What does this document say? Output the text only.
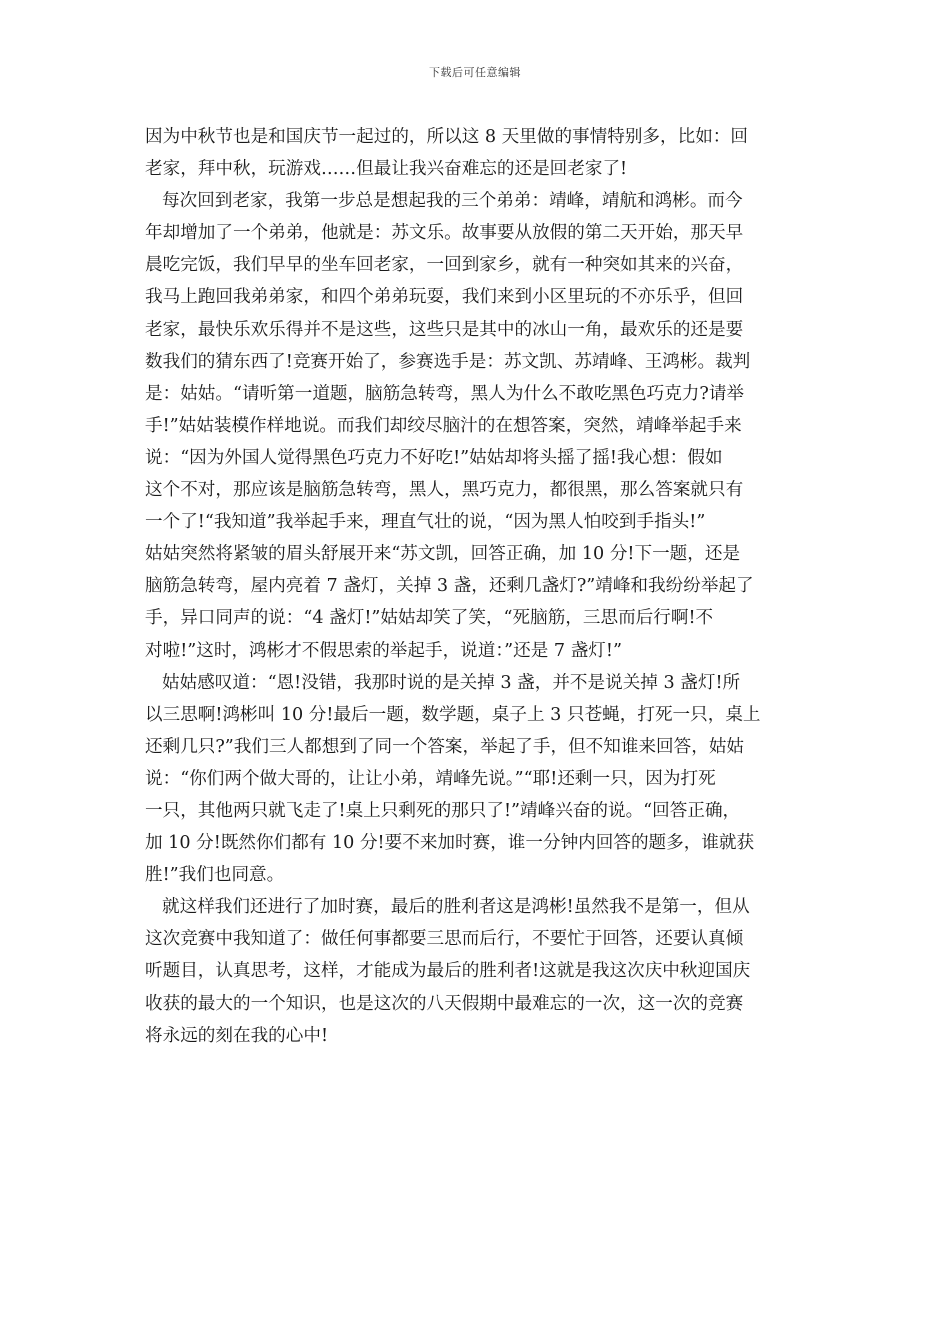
下载后可任意编辑

因为中秋节也是和国庆节一起过的，所以这 8 天里做的事情特别多，比如：回

老家，拜中秋，玩游戏……但最让我兴奋难忘的还是回老家了!

每次回到老家，我第一步总是想起我的三个弟弟：靖峰，靖航和鸿彬。而今

年却增加了一个弟弟，他就是：苏文乐。故事要从放假的第二天开始，那天早

晨吃完饭，我们早早的坐车回老家，一回到家乡，就有一种突如其来的兴奋，

我马上跑回我弟弟家，和四个弟弟玩耍，我们来到小区里玩的不亦乐乎，但回

老家，最快乐欢乐得并不是这些，这些只是其中的冰山一角，最欢乐的还是要

数我们的猜东西了!竞赛开始了，参赛选手是：苏文凯、苏靖峰、王鸿彬。裁判

是：姑姑。“请听第一道题，脑筋急转弯，黑人为什么不敢吃黑色巧克力?请举

手!”姑姑装模作样地说。而我们却绞尽脑汁的在想答案，突然，靖峰举起手来

说：“因为外国人觉得黑色巧克力不好吃!”姑姑却将头摇了摇!我心想：假如

这个不对，那应该是脑筋急转弯，黑人，黑巧克力，都很黑，那么答案就只有

一个了!“我知道”我举起手来，理直气壮的说，“因为黑人怕咬到手指头!”

姑姑突然将紧皱的眉头舒展开来“苏文凯，回答正确，加 10 分!下一题，还是

脑筋急转弯，屋内亮着 7 盏灯，关掉 3 盏，还剩几盏灯?”靖峰和我纷纷举起了

手，异口同声的说：“4 盏灯!”姑姑却笑了笑，“死脑筋，三思而后行啊!不

对啦!”这时，鸿彬才不假思索的举起手，说道：”还是 7 盏灯!”

姑姑感叹道：“恩!没错，我那时说的是关掉 3 盏，并不是说关掉 3 盏灯!所

以三思啊!鸿彬叫 10 分!最后一题，数学题，桌子上 3 只苍蝇，打死一只，桌上

还剩几只?”我们三人都想到了同一个答案，举起了手，但不知谁来回答，姑姑

说：“你们两个做大哥的，让让小弟，靖峰先说。”“耶!还剩一只，因为打死

一只，其他两只就飞走了!桌上只剩死的那只了!”靖峰兴奋的说。“回答正确，

加 10 分!既然你们都有 10 分!要不来加时赛，谁一分钟内回答的题多，谁就获

胜!”我们也同意。

就这样我们还进行了加时赛，最后的胜利者这是鸿彬!虽然我不是第一，但从

这次竞赛中我知道了：做任何事都要三思而后行，不要忙于回答，还要认真倾

听题目，认真思考，这样，才能成为最后的胜利者!这就是我这次庆中秋迎国庆

收获的最大的一个知识，也是这次的八天假期中最难忘的一次，这一次的竞赛

将永远的刻在我的心中!
